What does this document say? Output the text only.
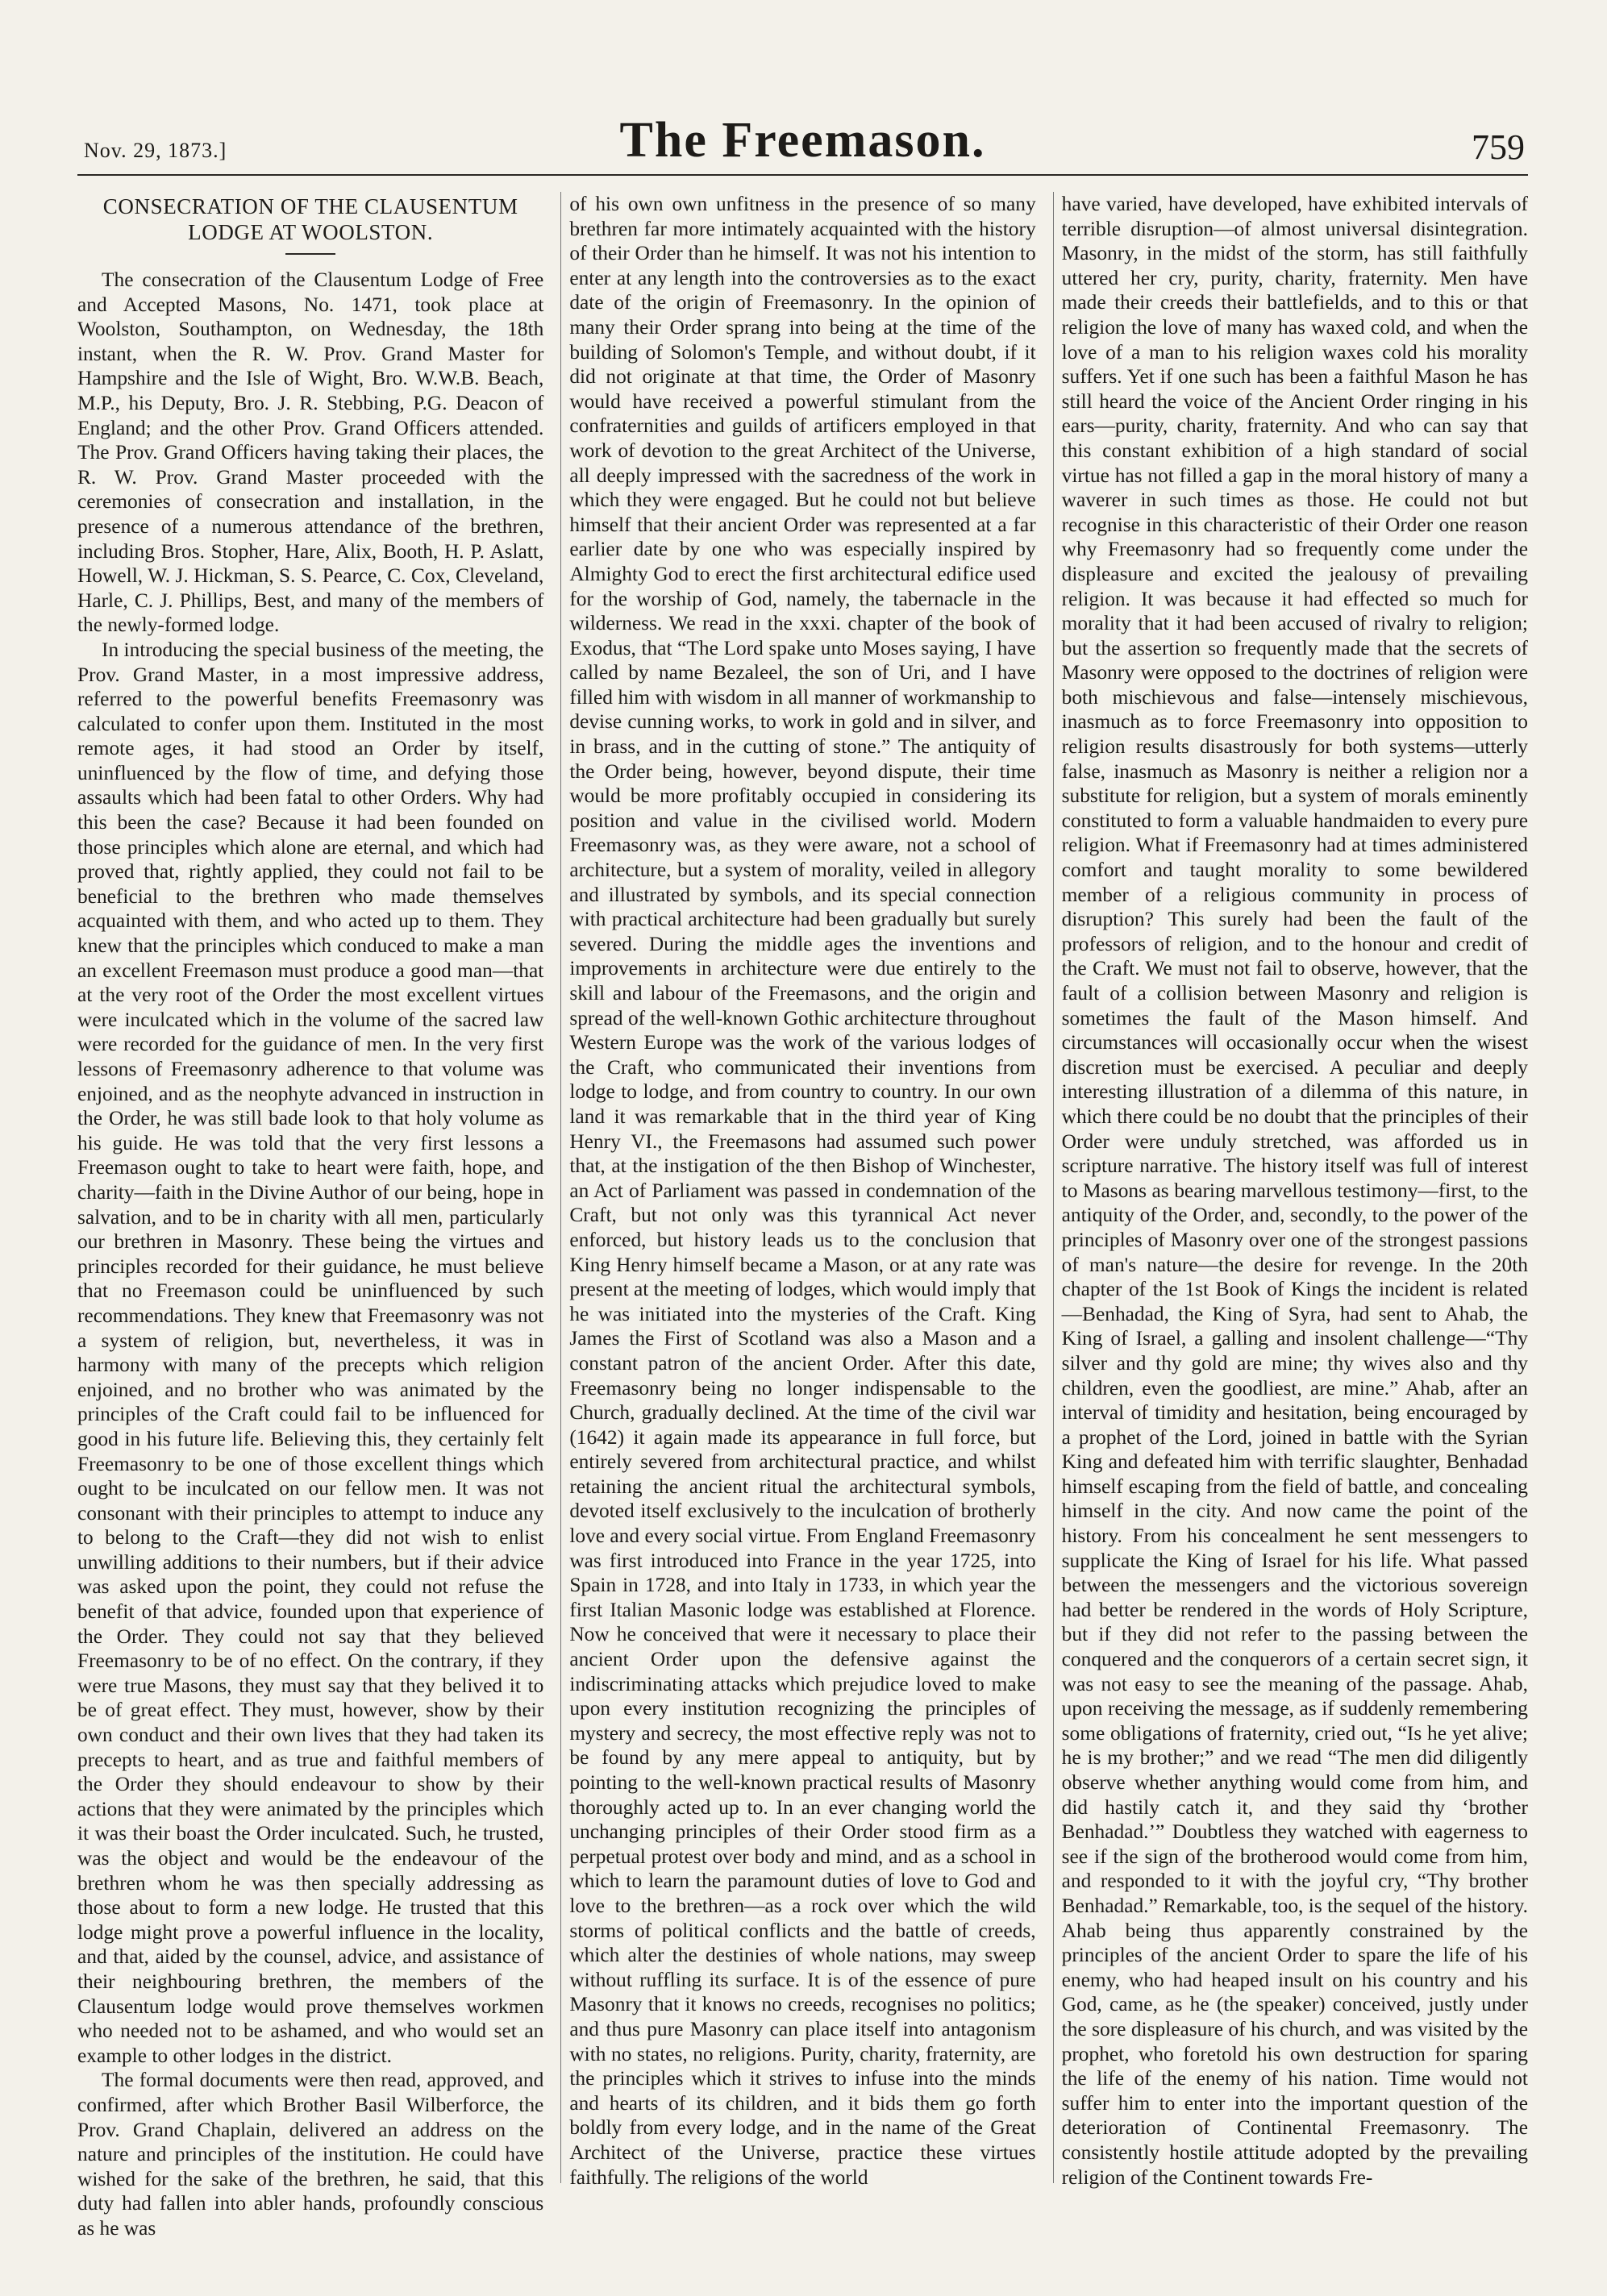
Nov. 29, 1873.]	The Freemason.	759
CONSECRATION OF THE CLAUSENTUM LODGE AT WOOLSTON.

The consecration of the Clausentum Lodge of Free and Accepted Masons, No. 1471, took place at Woolston, Southampton, on Wednesday, the 18th instant, when the R. W. Prov. Grand Master for Hampshire and the Isle of Wight, Bro. W.W.B. Beach, M.P., his Deputy, Bro. J. R. Stebbing, P.G. Deacon of England; and the other Prov. Grand Officers attended. The Prov. Grand Officers having taking their places, the R. W. Prov. Grand Master proceeded with the ceremonies of consecration and installation, in the presence of a numerous attendance of the brethren, including Bros. Stopher, Hare, Alix, Booth, H. P. Aslatt, Howell, W. J. Hickman, S. S. Pearce, C. Cox, Cleveland, Harle, C. J. Phillips, Best, and many of the members of the newly-formed lodge.

In introducing the special business of the meeting, the Prov. Grand Master, in a most impressive address, referred to the powerful benefits Freemasonry was calculated to confer upon them. Instituted in the most remote ages, it had stood an Order by itself, uninfluenced by the flow of time, and defying those assaults which had been fatal to other Orders. Why had this been the case? Because it had been founded on those principles which alone are eternal, and which had proved that, rightly applied, they could not fail to be beneficial to the brethren who made themselves acquainted with them, and who acted up to them. They knew that the principles which conduced to make a man an excellent Freemason must produce a good man—that at the very root of the Order the most excellent virtues were inculcated which in the volume of the sacred law were recorded for the guidance of men. In the very first lessons of Freemasonry adherence to that volume was enjoined, and as the neophyte advanced in instruction in the Order, he was still bade look to that holy volume as his guide. He was told that the very first lessons a Freemason ought to take to heart were faith, hope, and charity—faith in the Divine Author of our being, hope in salvation, and to be in charity with all men, particularly our brethren in Masonry. These being the virtues and principles recorded for their guidance, he must believe that no Freemason could be uninfluenced by such recommendations. They knew that Freemasonry was not a system of religion, but, nevertheless, it was in harmony with many of the precepts which religion enjoined, and no brother who was animated by the principles of the Craft could fail to be influenced for good in his future life. Believing this, they certainly felt Freemasonry to be one of those excellent things which ought to be inculcated on our fellow men. It was not consonant with their principles to attempt to induce any to belong to the Craft—they did not wish to enlist unwilling additions to their numbers, but if their advice was asked upon the point, they could not refuse the benefit of that advice, founded upon that experience of the Order. They could not say that they believed Freemasonry to be of no effect. On the contrary, if they were true Masons, they must say that they belived it to be of great effect. They must, however, show by their own conduct and their own lives that they had taken its precepts to heart, and as true and faithful members of the Order they should endeavour to show by their actions that they were animated by the principles which it was their boast the Order inculcated. Such, he trusted, was the object and would be the endeavour of the brethren whom he was then specially addressing as those about to form a new lodge. He trusted that this lodge might prove a powerful influence in the locality, and that, aided by the counsel, advice, and assistance of their neighbouring brethren, the members of the Clausentum lodge would prove themselves workmen who needed not to be ashamed, and who would set an example to other lodges in the district.

The formal documents were then read, approved, and confirmed, after which Brother Basil Wilberforce, the Prov. Grand Chaplain, delivered an address on the nature and principles of the institution. He could have wished for the sake of the brethren, he said, that this duty had fallen into abler hands, profoundly conscious as he was

of his own own unfitness in the presence of so many brethren far more intimately acquainted with the history of their Order than he himself. It was not his intention to enter at any length into the controversies as to the exact date of the origin of Freemasonry. In the opinion of many their Order sprang into being at the time of the building of Solomon's Temple, and without doubt, if it did not originate at that time, the Order of Masonry would have received a powerful stimulant from the confraternities and guilds of artificers employed in that work of devotion to the great Architect of the Universe, all deeply impressed with the sacredness of the work in which they were engaged. But he could not but believe himself that their ancient Order was represented at a far earlier date by one who was especially inspired by Almighty God to erect the first architectural edifice used for the worship of God, namely, the tabernacle in the wilderness. We read in the xxxi. chapter of the book of Exodus, that “The Lord spake unto Moses saying, I have called by name Bezaleel, the son of Uri, and I have filled him with wisdom in all manner of workmanship to devise cunning works, to work in gold and in silver, and in brass, and in the cutting of stone.” The antiquity of the Order being, however, beyond dispute, their time would be more profitably occupied in considering its position and value in the civilised world. Modern Freemasonry was, as they were aware, not a school of architecture, but a system of morality, veiled in allegory and illustrated by symbols, and its special connection with practical architecture had been gradually but surely severed. During the middle ages the inventions and improvements in architecture were due entirely to the skill and labour of the Freemasons, and the origin and spread of the well-known Gothic architecture throughout Western Europe was the work of the various lodges of the Craft, who communicated their inventions from lodge to lodge, and from country to country. In our own land it was remarkable that in the third year of King Henry VI., the Freemasons had assumed such power that, at the instigation of the then Bishop of Winchester, an Act of Parliament was passed in condemnation of the Craft, but not only was this tyrannical Act never enforced, but history leads us to the conclusion that King Henry himself became a Mason, or at any rate was present at the meeting of lodges, which would imply that he was initiated into the mysteries of the Craft. King James the First of Scotland was also a Mason and a constant patron of the ancient Order. After this date, Freemasonry being no longer indispensable to the Church, gradually declined. At the time of the civil war (1642) it again made its appearance in full force, but entirely severed from architectural practice, and whilst retaining the ancient ritual the architectural symbols, devoted itself exclusively to the inculcation of brotherly love and every social virtue. From England Freemasonry was first introduced into France in the year 1725, into Spain in 1728, and into Italy in 1733, in which year the first Italian Masonic lodge was established at Florence. Now he conceived that were it necessary to place their ancient Order upon the defensive against the indiscriminating attacks which prejudice loved to make upon every institution recognizing the principles of mystery and secrecy, the most effective reply was not to be found by any mere appeal to antiquity, but by pointing to the well-known practical results of Masonry thoroughly acted up to. In an ever changing world the unchanging principles of their Order stood firm as a perpetual protest over body and mind, and as a school in which to learn the paramount duties of love to God and love to the brethren—as a rock over which the wild storms of political conflicts and the battle of creeds, which alter the destinies of whole nations, may sweep without ruffling its surface. It is of the essence of pure Masonry that it knows no creeds, recognises no politics; and thus pure Masonry can place itself into antagonism with no states, no religions. Purity, charity, fraternity, are the principles which it strives to infuse into the minds and hearts of its children, and it bids them go forth boldly from every lodge, and in the name of the Great Architect of the Universe, practice these virtues faithfully. The religions of the world

have varied, have developed, have exhibited intervals of terrible disruption—of almost universal disintegration. Masonry, in the midst of the storm, has still faithfully uttered her cry, purity, charity, fraternity. Men have made their creeds their battlefields, and to this or that religion the love of many has waxed cold, and when the love of a man to his religion waxes cold his morality suffers. Yet if one such has been a faithful Mason he has still heard the voice of the Ancient Order ringing in his ears—purity, charity, fraternity. And who can say that this constant exhibition of a high standard of social virtue has not filled a gap in the moral history of many a waverer in such times as those. He could not but recognise in this characteristic of their Order one reason why Freemasonry had so frequently come under the displeasure and excited the jealousy of prevailing religion. It was because it had effected so much for morality that it had been accused of rivalry to religion; but the assertion so frequently made that the secrets of Masonry were opposed to the doctrines of religion were both mischievous and false—intensely mischievous, inasmuch as to force Freemasonry into opposition to religion results disastrously for both systems—utterly false, inasmuch as Masonry is neither a religion nor a substitute for religion, but a system of morals eminently constituted to form a valuable handmaiden to every pure religion. What if Freemasonry had at times administered comfort and taught morality to some bewildered member of a religious community in process of disruption? This surely had been the fault of the professors of religion, and to the honour and credit of the Craft. We must not fail to observe, however, that the fault of a collision between Masonry and religion is sometimes the fault of the Mason himself. And circumstances will occasionally occur when the wisest discretion must be exercised. A peculiar and deeply interesting illustration of a dilemma of this nature, in which there could be no doubt that the principles of their Order were unduly stretched, was afforded us in scripture narrative. The history itself was full of interest to Masons as bearing marvellous testimony—first, to the antiquity of the Order, and, secondly, to the power of the principles of Masonry over one of the strongest passions of man's nature—the desire for revenge. In the 20th chapter of the 1st Book of Kings the incident is related—Benhadad, the King of Syra, had sent to Ahab, the King of Israel, a galling and insolent challenge—“Thy silver and thy gold are mine; thy wives also and thy children, even the goodliest, are mine.” Ahab, after an interval of timidity and hesitation, being encouraged by a prophet of the Lord, joined in battle with the Syrian King and defeated him with terrific slaughter, Benhadad himself escaping from the field of battle, and concealing himself in the city. And now came the point of the history. From his concealment he sent messengers to supplicate the King of Israel for his life. What passed between the messengers and the victorious sovereign had better be rendered in the words of Holy Scripture, but if they did not refer to the passing between the conquered and the conquerors of a certain secret sign, it was not easy to see the meaning of the passage. Ahab, upon receiving the message, as if suddenly remembering some obligations of fraternity, cried out, “Is he yet alive; he is my brother;” and we read “The men did diligently observe whether anything would come from him, and did hastily catch it, and they said thy ‘brother Benhadad.’” Doubtless they watched with eagerness to see if the sign of the brotherood would come from him, and responded to it with the joyful cry, “Thy brother Benhadad.” Remarkable, too, is the sequel of the history. Ahab being thus apparently constrained by the principles of the ancient Order to spare the life of his enemy, who had heaped insult on his country and his God, came, as he (the speaker) conceived, justly under the sore displeasure of his church, and was visited by the prophet, who foretold his own destruction for sparing the life of the enemy of his nation. Time would not suffer him to enter into the important question of the deterioration of Continental Freemasonry. The consistently hostile attitude adopted by the prevailing religion of the Continent towards Fre-
